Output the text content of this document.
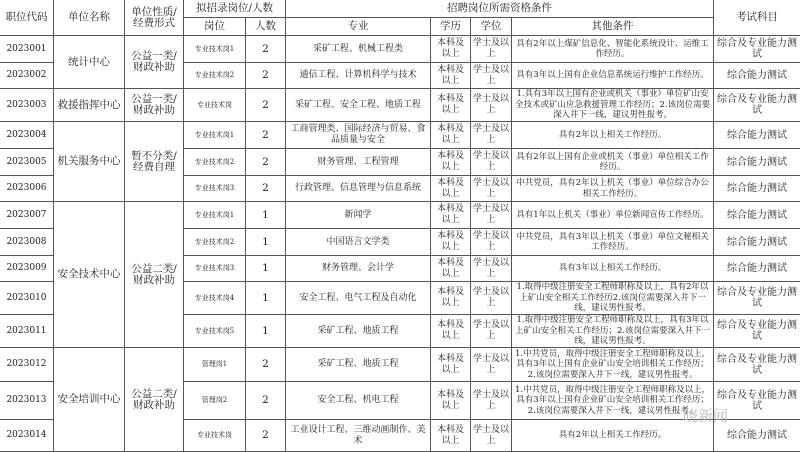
职位代码	单位名称	单位性质/经费形式	拟招录岗位/人数		招聘岗位所需资格条件				考试科目
			岗位	人数	专业	学历	学位	其他条件	
2023001	统计中心	公益一类/财政补助	专业技术岗1	2	采矿工程、机械工程类	本科及以上	学士及以上	具有2年以上煤矿信息化、智能化系统设计、运维工作经历。	综合及专业能力测试
2023002			专业技术岗2	2	通信工程、计算机科学与技术	本科及以上	学士及以上	具有3年以上国有企业信息系统运行维护工作经历。	综合能力测试
2023003	救援指挥中心	公益一类/财政补助	专业技术岗	2	采矿工程、安全工程、地质工程	本科及以上	学士及以上	1.具有3年以上国有企业或机关（事业）单位矿山安全技术或矿山应急救援管理工作经历；2.该岗位需要深入井下一线，建议男性报考。	综合及专业能力测试
2023004	机关服务中心	暂不分类/经费自理	专业技术岗1	2	工商管理类、国际经济与贸易、食品质量与安全	本科及以上	学士及以上	具有2年以上相关工作经历。	综合能力测试
2023005			专业技术岗2	2	财务管理、工程管理	本科及以上	学士及以上	具有2年以上国有企业或机关（事业）单位相关工作经历。	综合能力测试
2023006			专业技术岗3	2	行政管理、信息管理与信息系统	本科及以上	学士及以上	中共党员，具有2年以上机关（事业）单位综合办公相关工作经历。	综合能力测试
2023007	安全技术中心	公益二类/财政补助	专业技术岗1	1	新闻学	本科及以上	学士及以上	具有1年以上机关（事业）单位新闻宣传工作经历。	综合能力测试
2023008			专业技术岗2	1	中国语言文学类	本科及以上	学士及以上	中共党员，具有3年以上机关（事业）单位文秘相关工作经历。	综合能力测试
2023009			专业技术岗3	1	财务管理、会计学	本科及以上	学士及以上	具有3年以上相关工作经历。	综合能力测试
2023010			专业技术岗4	1	安全工程、电气工程及自动化	本科及以上	学士及以上	1.取得中级注册安全工程师职称及以上，具有2年以上矿山安全相关工作经历2.该岗位需要深入井下一线，建议男性报考。	综合及专业能力测试
2023011			专业技术岗5	1	采矿工程、地质工程	本科及以上	学士及以上	1.取得中级注册安全工程师职称及以上，具有3年以上矿山安全相关工作经历；2.该岗位需要深入井下一线，建议男性报考。	综合及专业能力测试
2023012	安全培训中心	公益二类/财政补助	管理岗1	2	采矿工程、地质工程	本科及以上	学士及以上	1.中共党员，取得中级注册安全工程师职称及以上，具有3年以上国有企业矿山安全培训相关工作经历；2.该岗位需要深入井下一线，建议男性报考。	综合及专业能力测试
2023013			管理岗2	2	安全工程、机电工程	本科及以上	学士及以上	1.中共党员，取得中级注册安全工程师职称及以上，具有3年以上国有企业矿山安全培训相关工作经历；2.该岗位需要深入井下一线，建议男性报考。	综合及专业能力测试
2023014			专业技术岗	2	工业设计工程、三维动画制作、美术	本科及以上	学士及以上	具有2年以上相关工作经历。	综合能力测试
晓新闻
